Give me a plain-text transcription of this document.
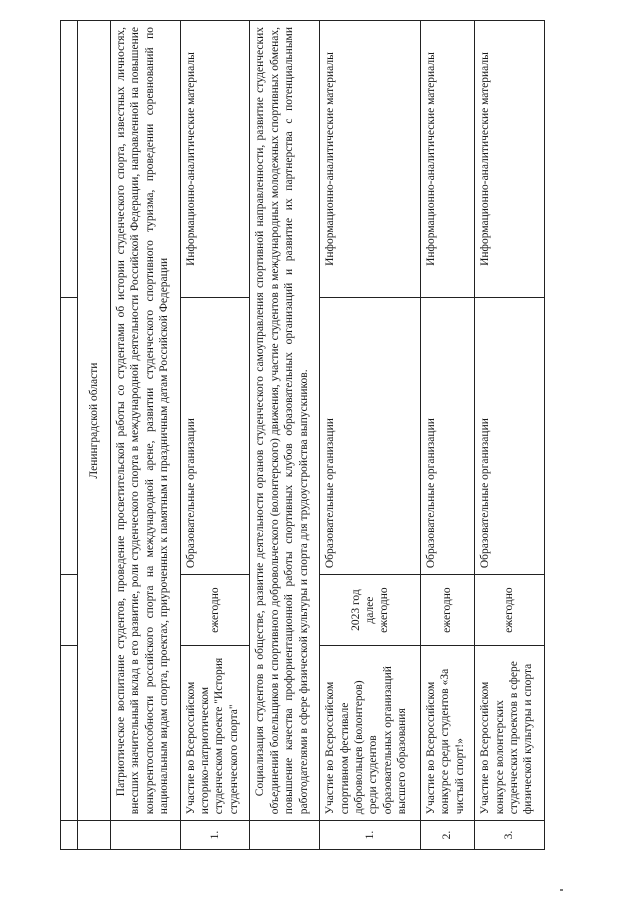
	Ленинградской области			
	Патриотическое воспитание студентов, проведение просветительской работы со студентами об истории студенческого спорта, известных личностях, внесших значительный вклад в его развитие, роли студенческого спорта в международной деятельности Российской Федерации, направленной на повышение конкурентоспособности российского спорта на международной арене, развитии студенческого спортивного туризма, проведении соревнований по национальным видам спорта, проектах, приуроченных к памятным и праздничным датам Российской Федерации			
1.	Участие во Всероссийском историко-патриотическом студенческом проекте "История студенческого спорта"	ежегодно	Образовательные организации	Информационно-аналитические материалы
	Социализация студентов в обществе, развитие деятельности органов студенческого самоуправления спортивной направленности, развитие студенческих объединений болельщиков и спортивного добровольческого (волонтерского) движения, участие студентов в международных молодежных спортивных обменах, повышение качества профориентационной работы спортивных клубов образовательных организаций и развитие их партнерства с потенциальными работодателями в сфере физической культуры и спорта для трудоустройства выпускников.			
1.	Участие во Всероссийском спортивном фестивале добровольцев (волонтеров) среди студентов образовательных организаций высшего образования	2023 год далее ежегодно	Образовательные организации	Информационно-аналитические материалы
2.	Участие во Всероссийском конкурсе среди студентов «За чистый спорт!»	ежегодно	Образовательные организации	Информационно-аналитические материалы
3.	Участие во Всероссийском конкурсе волонтерских студенческих проектов в сфере физической культуры и спорта	ежегодно	Образовательные организации	Информационно-аналитические материалы
